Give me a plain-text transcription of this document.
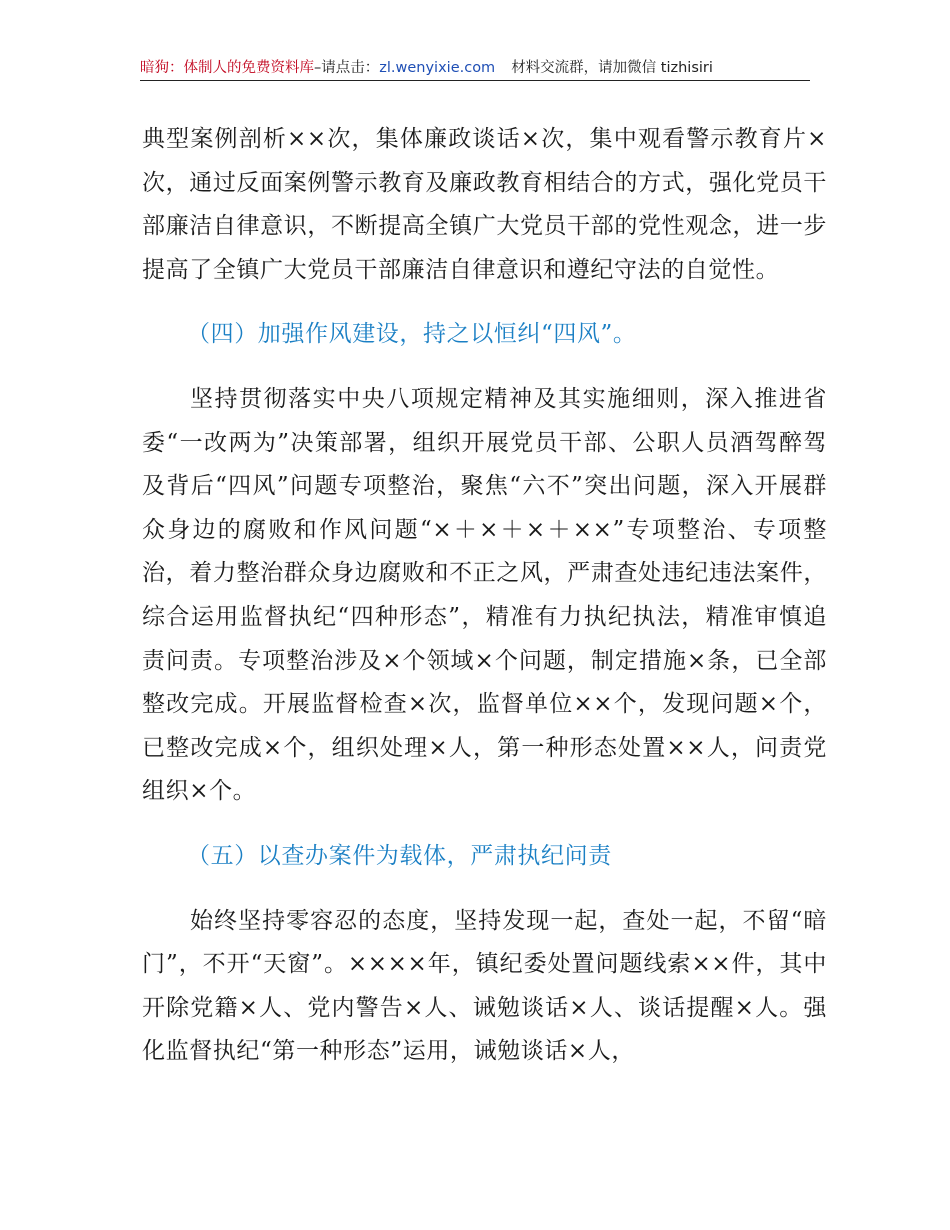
暗狗：体制人的免费资料库–请点击：zl.wenyixie.com 材料交流群，请加微信 tizhisiri

典型案例剖析××次，集体廉政谈话×次，集中观看警示教育片×次，通过反面案例警示教育及廉政教育相结合的方式，强化党员干部廉洁自律意识，不断提高全镇广大党员干部的党性观念，进一步提高了全镇广大党员干部廉洁自律意识和遵纪守法的自觉性。

（四）加强作风建设，持之以恒纠“四风”。

坚持贯彻落实中央八项规定精神及其实施细则，深入推进省委“一改两为”决策部署，组织开展党员干部、公职人员酒驾醉驾及背后“四风”问题专项整治，聚焦“六不”突出问题，深入开展群众身边的腐败和作风问题“×＋×＋×＋××”专项整治、专项整治，着力整治群众身边腐败和不正之风，严肃查处违纪违法案件，综合运用监督执纪“四种形态”，精准有力执纪执法，精准审慎追责问责。专项整治涉及×个领域×个问题，制定措施×条，已全部整改完成。开展监督检查×次，监督单位××个，发现问题×个，已整改完成×个，组织处理×人，第一种形态处置××人，问责党组织×个。

（五）以查办案件为载体，严肃执纪问责

始终坚持零容忍的态度，坚持发现一起，查处一起，不留“暗门”，不开“天窗”。××××年，镇纪委处置问题线索××件，其中开除党籍×人、党内警告×人、诫勉谈话×人、谈话提醒×人。强化监督执纪“第一种形态”运用，诫勉谈话×人，
